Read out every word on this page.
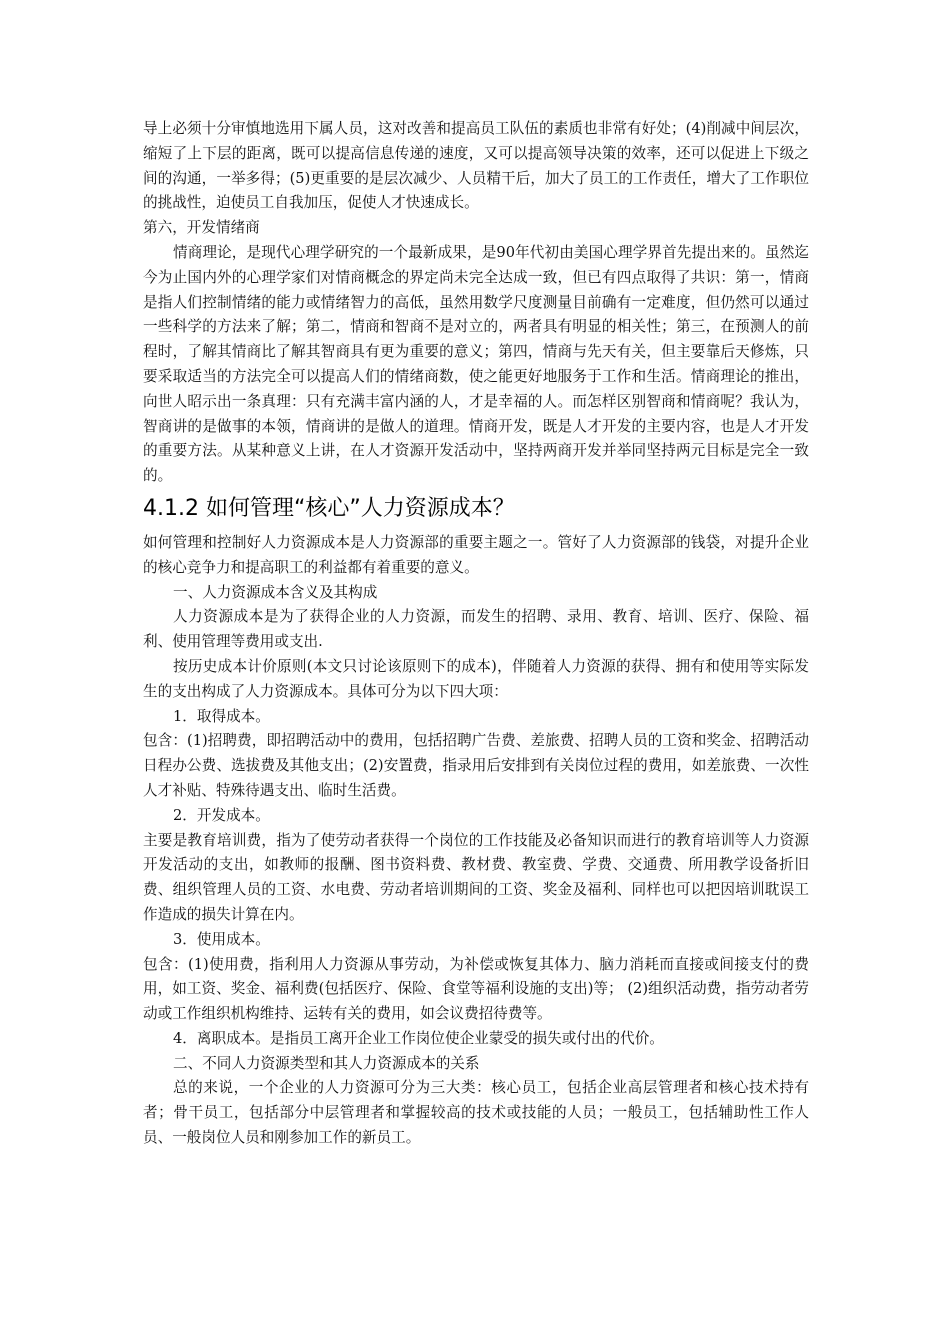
导上必须十分审慎地选用下属人员，这对改善和提高员工队伍的素质也非常有好处；(4)削减中间层次，缩短了上下层的距离，既可以提高信息传递的速度，又可以提高领导决策的效率，还可以促进上下级之间的沟通，一举多得；(5)更重要的是层次减少、人员精干后，加大了员工的工作责任，增大了工作职位的挑战性，迫使员工自我加压，促使人才快速成长。

第六，开发情绪商

情商理论，是现代心理学研究的一个最新成果，是90年代初由美国心理学界首先提出来的。虽然迄今为止国内外的心理学家们对情商概念的界定尚未完全达成一致，但已有四点取得了共识：第一，情商是指人们控制情绪的能力或情绪智力的高低，虽然用数学尺度测量目前确有一定难度，但仍然可以通过一些科学的方法来了解；第二，情商和智商不是对立的，两者具有明显的相关性；第三，在预测人的前程时，了解其情商比了解其智商具有更为重要的意义；第四，情商与先天有关，但主要靠后天修炼，只要采取适当的方法完全可以提高人们的情绪商数，使之能更好地服务于工作和生活。情商理论的推出，向世人昭示出一条真理：只有充满丰富内涵的人，才是幸福的人。而怎样区别智商和情商呢？我认为，智商讲的是做事的本领，情商讲的是做人的道理。情商开发，既是人才开发的主要内容，也是人才开发的重要方法。从某种意义上讲，在人才资源开发活动中，坚持两商开发并举同坚持两元目标是完全一致的。

4.1.2 如何管理“核心”人力资源成本？

如何管理和控制好人力资源成本是人力资源部的重要主题之一。管好了人力资源部的钱袋，对提升企业的核心竞争力和提高职工的利益都有着重要的意义。

一、人力资源成本含义及其构成

人力资源成本是为了获得企业的人力资源，而发生的招聘、录用、教育、培训、医疗、保险、福利、使用管理等费用或支出.

按历史成本计价原则(本文只讨论该原则下的成本)，伴随着人力资源的获得、拥有和使用等实际发生的支出构成了人力资源成本。具体可分为以下四大项：

1．取得成本。

包含：(1)招聘费，即招聘活动中的费用，包括招聘广告费、差旅费、招聘人员的工资和奖金、招聘活动日程办公费、选拔费及其他支出；(2)安置费，指录用后安排到有关岗位过程的费用，如差旅费、一次性人才补贴、特殊待遇支出、临时生活费。

2．开发成本。

主要是教育培训费，指为了使劳动者获得一个岗位的工作技能及必备知识而进行的教育培训等人力资源开发活动的支出，如教师的报酬、图书资料费、教材费、教室费、学费、交通费、所用教学设备折旧费、组织管理人员的工资、水电费、劳动者培训期间的工资、奖金及福利、同样也可以把因培训耽误工作造成的损失计算在内。

3．使用成本。

包含：(1)使用费，指利用人力资源从事劳动，为补偿或恢复其体力、脑力消耗而直接或间接支付的费用，如工资、奖金、福利费(包括医疗、保险、食堂等福利设施的支出)等； (2)组织活动费，指劳动者劳动或工作组织机构维持、运转有关的费用，如会议费招待费等。

4．离职成本。是指员工离开企业工作岗位使企业蒙受的损失或付出的代价。

二、不同人力资源类型和其人力资源成本的关系

总的来说，一个企业的人力资源可分为三大类：核心员工，包括企业高层管理者和核心技术持有者；骨干员工，包括部分中层管理者和掌握较高的技术或技能的人员；一般员工，包括辅助性工作人员、一般岗位人员和刚参加工作的新员工。
